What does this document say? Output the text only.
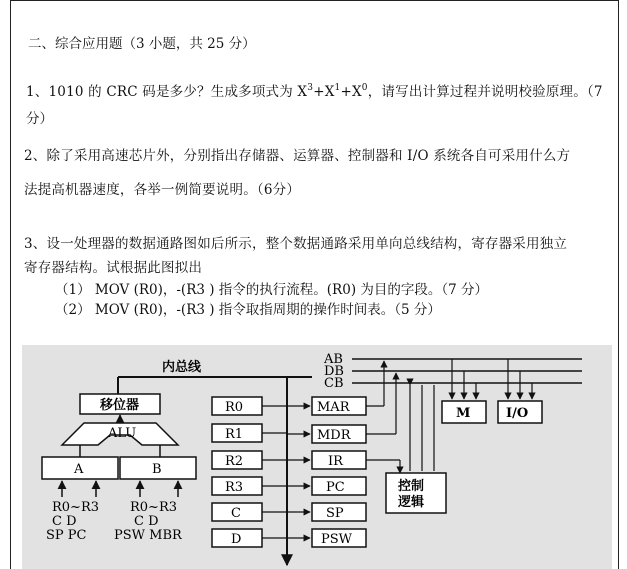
二、综合应用题（3 小题，共 25 分）
1、1010 的 CRC 码是多少？生成多项式为 $X^3+X^1+X^0$，请写出计算过程并说明校验原理。（7
分）
2、除了采用高速芯片外，分别指出存储器、运算器、控制器和 I/O 系统各自可采用什么方
法提高机器速度，各举一例简要说明。（6分）
3、设一处理器的数据通路图如后所示，整个数据通路采用单向总线结构，寄存器采用独立
寄存器结构。试根据此图拟出
（1） MOV (R0)，-(R3 ) 指令的执行流程。(R0) 为目的字段。（7 分）
（2） MOV (R0)，-(R3 ) 指令取指周期的操作时间表。（5 分）
内总线
移位器
ALU
A	B
R0~R3
C D
SP PC
R0~R3
C D
PSW MBR
R0
R1
R2
R3
C
D
MAR
MDR
IR
PC
SP
PSW
AB
DB
CB
M	I/O
控制
逻辑
